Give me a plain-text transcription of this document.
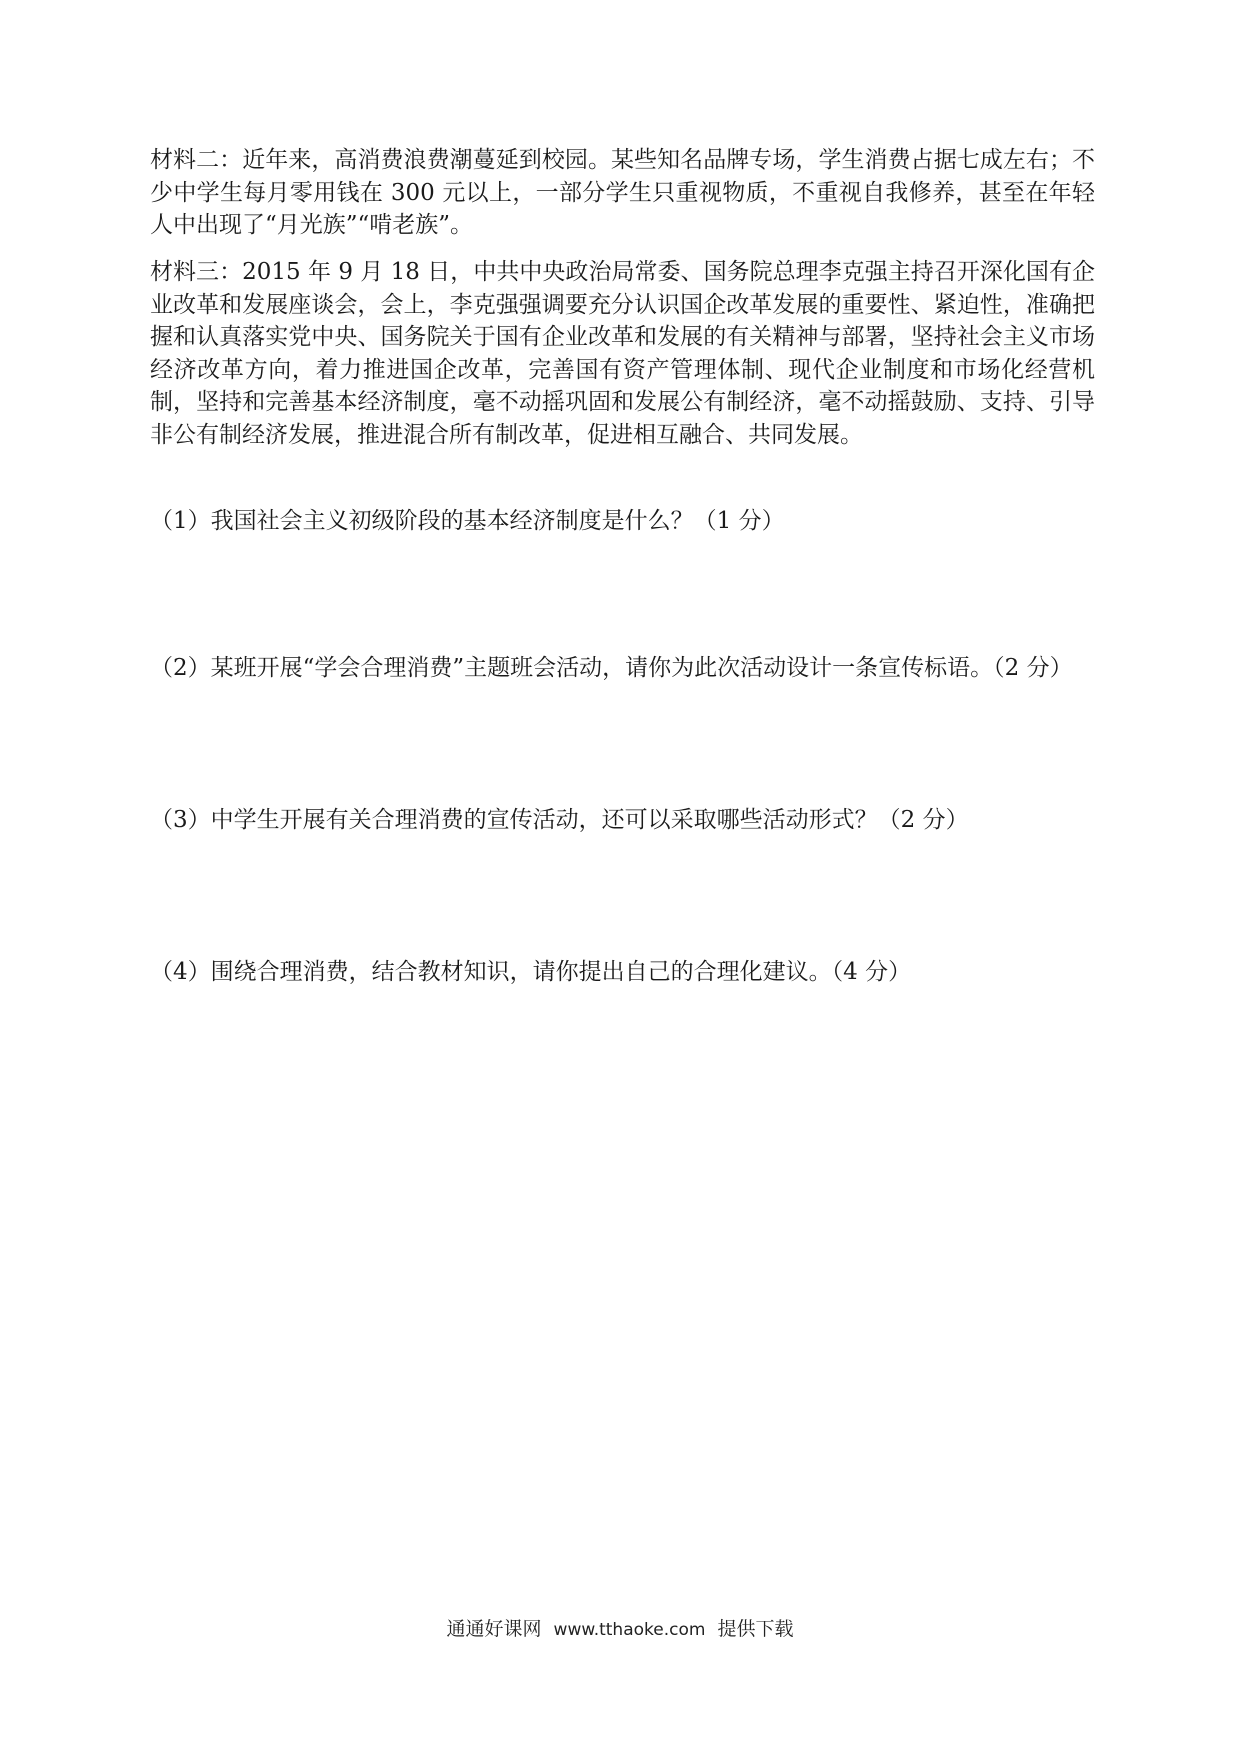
材料二：近年来，高消费浪费潮蔓延到校园。某些知名品牌专场，学生消费占据七成左右；不少中学生每月零用钱在 300 元以上，一部分学生只重视物质，不重视自我修养，甚至在年轻人中出现了“月光族”“啃老族”。

材料三：2015 年 9 月 18 日，中共中央政治局常委、国务院总理李克强主持召开深化国有企业改革和发展座谈会，会上，李克强强调要充分认识国企改革发展的重要性、紧迫性，准确把握和认真落实党中央、国务院关于国有企业改革和发展的有关精神与部署，坚持社会主义市场经济改革方向，着力推进国企改革，完善国有资产管理体制、现代企业制度和市场化经营机制，坚持和完善基本经济制度，毫不动摇巩固和发展公有制经济，毫不动摇鼓励、支持、引导非公有制经济发展，推进混合所有制改革，促进相互融合、共同发展。

（1）我国社会主义初级阶段的基本经济制度是什么？（1 分）

（2）某班开展“学会合理消费”主题班会活动，请你为此次活动设计一条宣传标语。（2 分）

（3）中学生开展有关合理消费的宣传活动，还可以采取哪些活动形式？（2 分）

（4）围绕合理消费，结合教材知识，请你提出自己的合理化建议。（4 分）

通通好课网 www.tthaoke.com 提供下载
